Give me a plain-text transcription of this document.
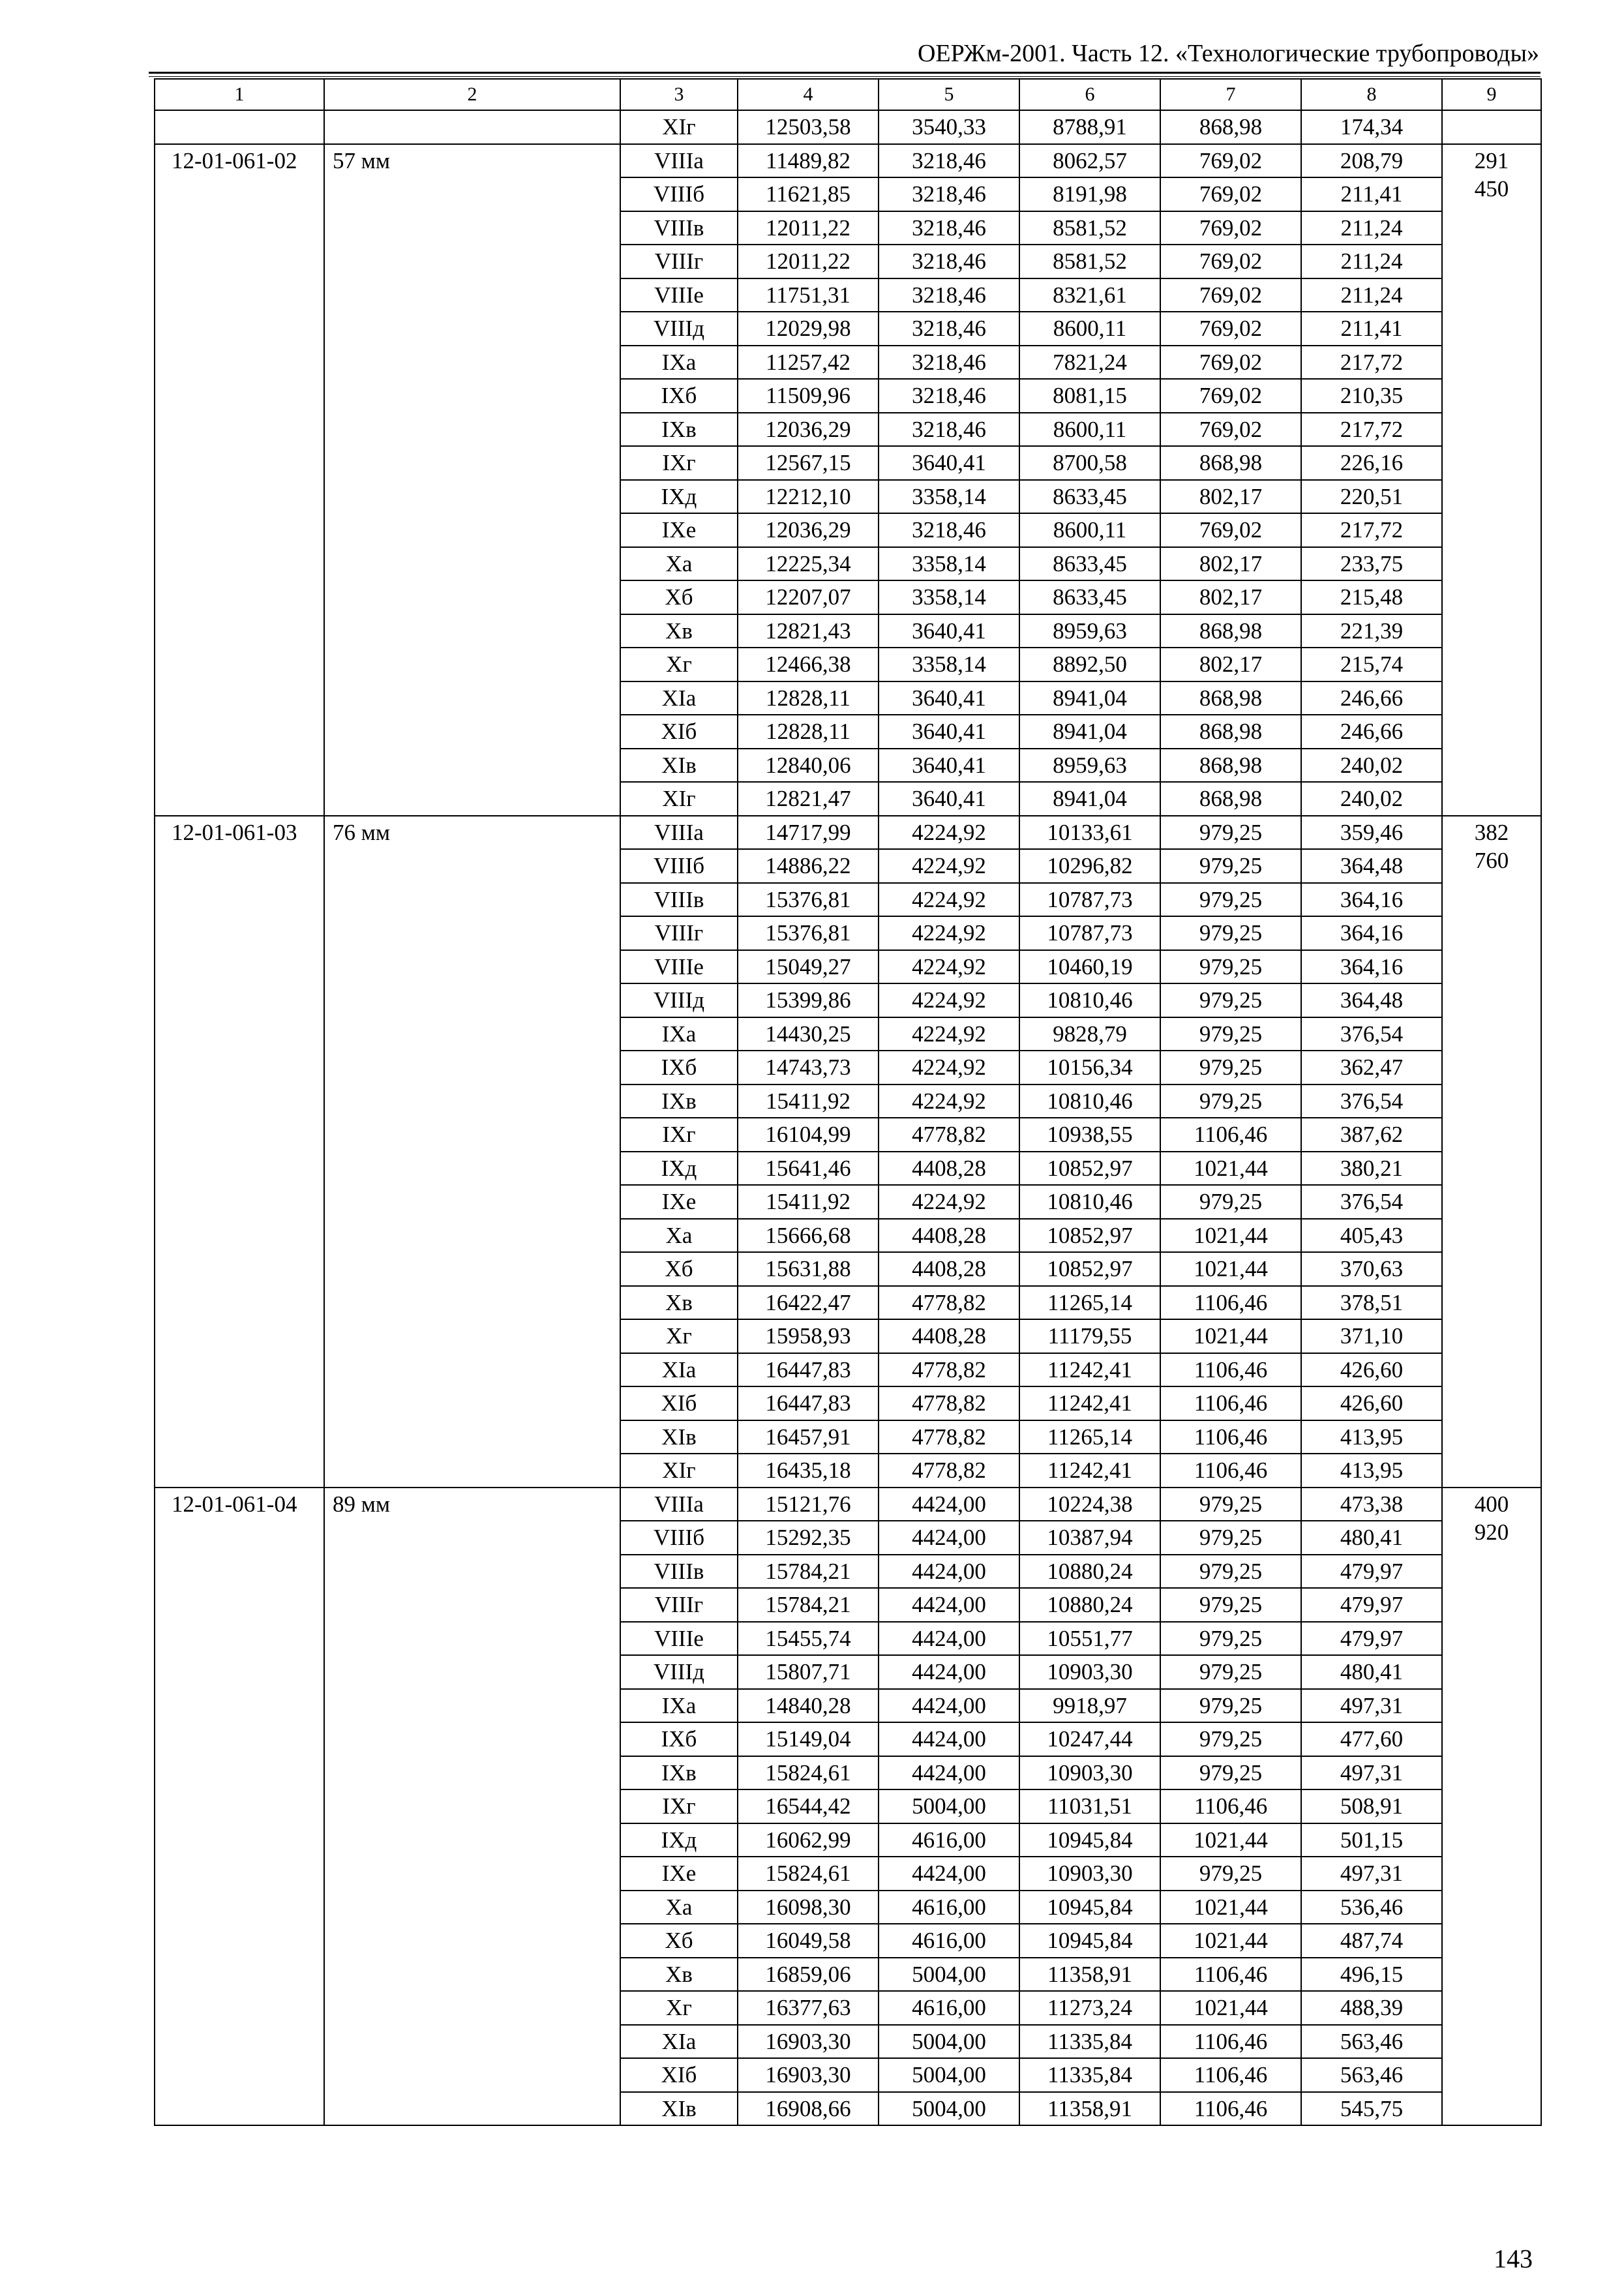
ОЕРЖм-2001. Часть 12. «Технологические трубопроводы»
1	2	3	4	5	6	7	8	9
		XIг	12503,58	3540,33	8788,91	868,98	174,34	
12-01-061-02	57 мм	VIIIа	11489,82	3218,46	8062,57	769,02	208,79	291
		VIIIб	11621,85	3218,46	8191,98	769,02	211,41	450
		VIIIв	12011,22	3218,46	8581,52	769,02	211,24	
		VIIIг	12011,22	3218,46	8581,52	769,02	211,24	
		VIIIе	11751,31	3218,46	8321,61	769,02	211,24	
		VIIIд	12029,98	3218,46	8600,11	769,02	211,41	
		IXа	11257,42	3218,46	7821,24	769,02	217,72	
		IXб	11509,96	3218,46	8081,15	769,02	210,35	
		IXв	12036,29	3218,46	8600,11	769,02	217,72	
		IXг	12567,15	3640,41	8700,58	868,98	226,16	
		IXд	12212,10	3358,14	8633,45	802,17	220,51	
		IXе	12036,29	3218,46	8600,11	769,02	217,72	
		Xа	12225,34	3358,14	8633,45	802,17	233,75	
		Xб	12207,07	3358,14	8633,45	802,17	215,48	
		Xв	12821,43	3640,41	8959,63	868,98	221,39	
		Xг	12466,38	3358,14	8892,50	802,17	215,74	
		XIа	12828,11	3640,41	8941,04	868,98	246,66	
		XIб	12828,11	3640,41	8941,04	868,98	246,66	
		XIв	12840,06	3640,41	8959,63	868,98	240,02	
		XIг	12821,47	3640,41	8941,04	868,98	240,02	
12-01-061-03	76 мм	VIIIа	14717,99	4224,92	10133,61	979,25	359,46	382
		VIIIб	14886,22	4224,92	10296,82	979,25	364,48	760
		VIIIв	15376,81	4224,92	10787,73	979,25	364,16	
		VIIIг	15376,81	4224,92	10787,73	979,25	364,16	
		VIIIе	15049,27	4224,92	10460,19	979,25	364,16	
		VIIIд	15399,86	4224,92	10810,46	979,25	364,48	
		IXа	14430,25	4224,92	9828,79	979,25	376,54	
		IXб	14743,73	4224,92	10156,34	979,25	362,47	
		IXв	15411,92	4224,92	10810,46	979,25	376,54	
		IXг	16104,99	4778,82	10938,55	1106,46	387,62	
		IXд	15641,46	4408,28	10852,97	1021,44	380,21	
		IXе	15411,92	4224,92	10810,46	979,25	376,54	
		Xа	15666,68	4408,28	10852,97	1021,44	405,43	
		Xб	15631,88	4408,28	10852,97	1021,44	370,63	
		Xв	16422,47	4778,82	11265,14	1106,46	378,51	
		Xг	15958,93	4408,28	11179,55	1021,44	371,10	
		XIа	16447,83	4778,82	11242,41	1106,46	426,60	
		XIб	16447,83	4778,82	11242,41	1106,46	426,60	
		XIв	16457,91	4778,82	11265,14	1106,46	413,95	
		XIг	16435,18	4778,82	11242,41	1106,46	413,95	
12-01-061-04	89 мм	VIIIа	15121,76	4424,00	10224,38	979,25	473,38	400
		VIIIб	15292,35	4424,00	10387,94	979,25	480,41	920
		VIIIв	15784,21	4424,00	10880,24	979,25	479,97	
		VIIIг	15784,21	4424,00	10880,24	979,25	479,97	
		VIIIе	15455,74	4424,00	10551,77	979,25	479,97	
		VIIIд	15807,71	4424,00	10903,30	979,25	480,41	
		IXа	14840,28	4424,00	9918,97	979,25	497,31	
		IXб	15149,04	4424,00	10247,44	979,25	477,60	
		IXв	15824,61	4424,00	10903,30	979,25	497,31	
		IXг	16544,42	5004,00	11031,51	1106,46	508,91	
		IXд	16062,99	4616,00	10945,84	1021,44	501,15	
		IXе	15824,61	4424,00	10903,30	979,25	497,31	
		Xа	16098,30	4616,00	10945,84	1021,44	536,46	
		Xб	16049,58	4616,00	10945,84	1021,44	487,74	
		Xв	16859,06	5004,00	11358,91	1106,46	496,15	
		Xг	16377,63	4616,00	11273,24	1021,44	488,39	
		XIа	16903,30	5004,00	11335,84	1106,46	563,46	
		XIб	16903,30	5004,00	11335,84	1106,46	563,46	
		XIв	16908,66	5004,00	11358,91	1106,46	545,75	
143
